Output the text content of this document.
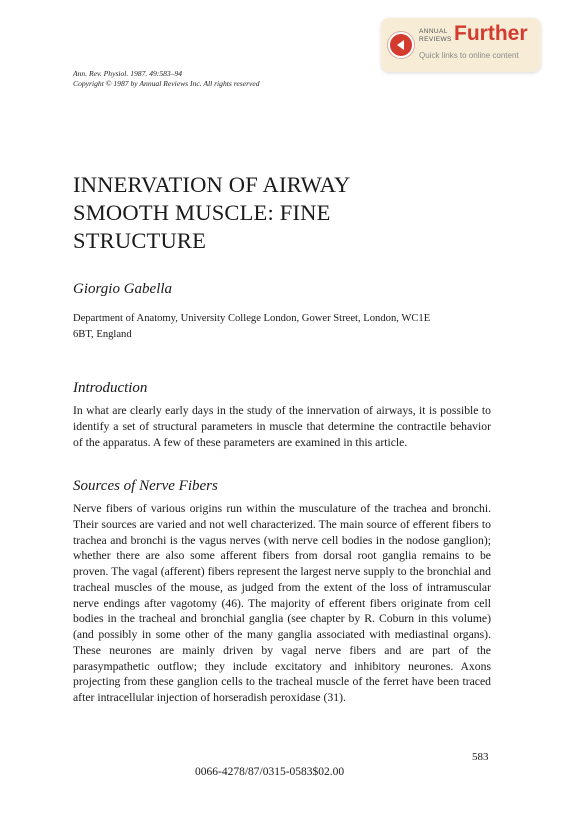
Ann. Rev. Physiol. 1987. 49:583–94
Copyright © 1987 by Annual Reviews Inc. All rights reserved
ANNUAL
REVIEWS Further
Quick links to online content
INNERVATION OF AIRWAY
SMOOTH MUSCLE: FINE
STRUCTURE
Giorgio Gabella
Department of Anatomy, University College London, Gower Street, London, WC1E
6BT, England
Introduction

In what are clearly early days in the study of the innervation of airways, it is possible to identify a set of structural parameters in muscle that determine the contractile behavior of the apparatus. A few of these parameters are examined in this article.

Sources of Nerve Fibers

Nerve fibers of various origins run within the musculature of the trachea and bronchi. Their sources are varied and not well characterized. The main source of efferent fibers to trachea and bronchi is the vagus nerves (with nerve cell bodies in the nodose ganglion); whether there are also some afferent fibers from dorsal root ganglia remains to be proven. The vagal (afferent) fibers represent the largest nerve supply to the bronchial and tracheal muscles of the mouse, as judged from the extent of the loss of intramuscular nerve endings after vagotomy (46). The majority of efferent fibers originate from cell bodies in the tracheal and bronchial ganglia (see chapter by R. Coburn in this volume) (and possibly in some other of the many ganglia associated with mediastinal organs). These neurones are mainly driven by vagal nerve fibers and are part of the parasympathetic outflow; they include excitatory and inhibitory neurones. Axons projecting from these ganglion cells to the tracheal muscle of the ferret have been traced after intracellular injection of horseradish peroxidase (31).

583
0066-4278/87/0315-0583$02.00
